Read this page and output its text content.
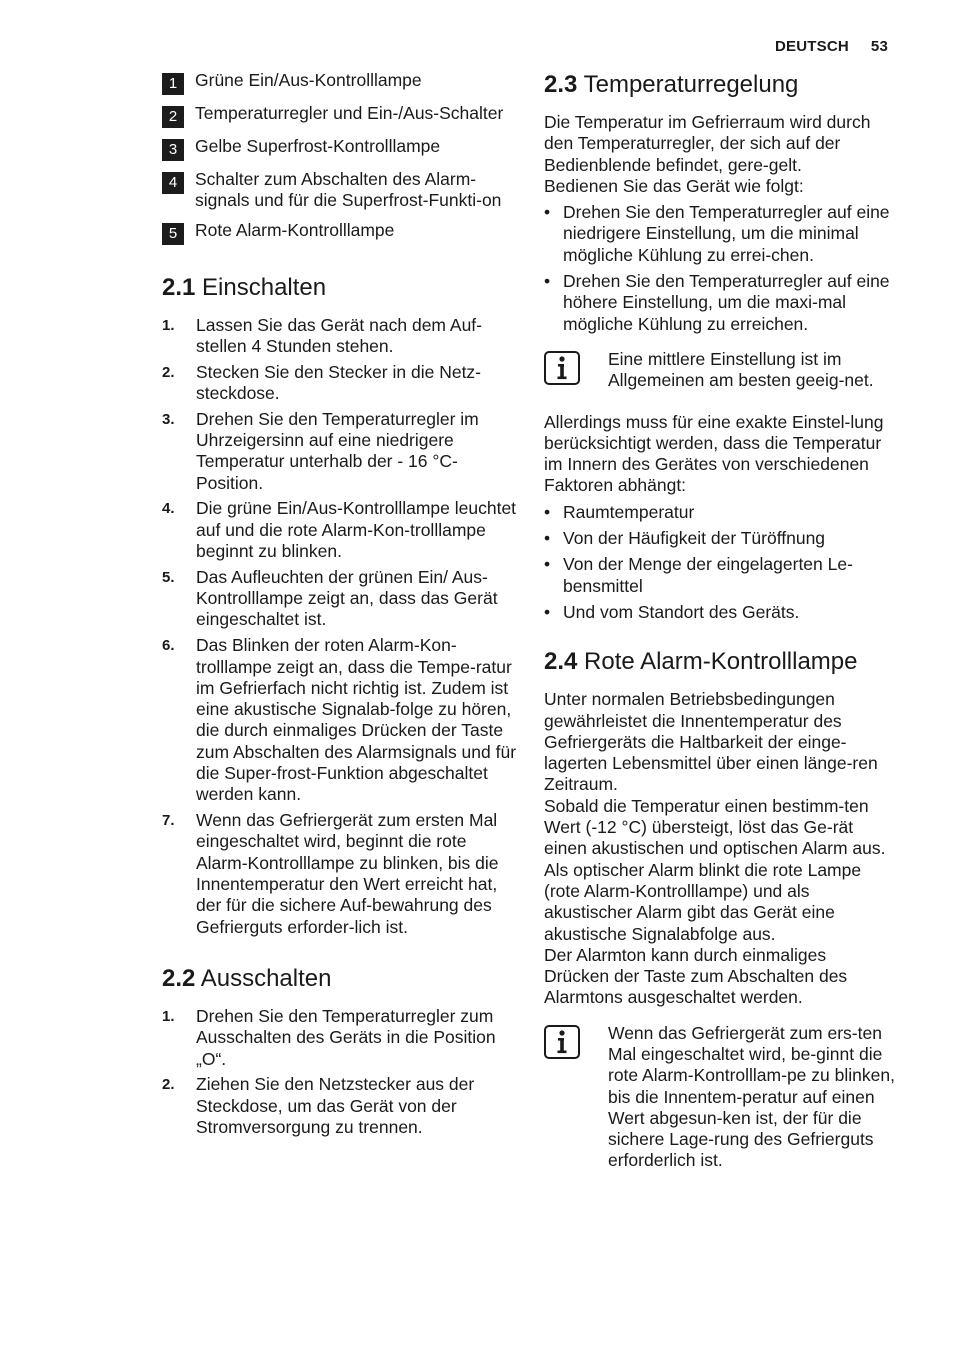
DEUTSCH 53
1	Grüne Ein/Aus-Kontrolllampe
2	Temperaturregler und Ein-/Aus-Schalter
3	Gelbe Superfrost-Kontrolllampe
4	Schalter zum Abschalten des Alarm-signals und für die Superfrost-Funkti-on
5	Rote Alarm-Kontrolllampe
2.1 Einschalten
1.	Lassen Sie das Gerät nach dem Auf-stellen 4 Stunden stehen.
2.	Stecken Sie den Stecker in die Netz-steckdose.
3.	Drehen Sie den Temperaturregler im Uhrzeigersinn auf eine niedrigere Temperatur unterhalb der - 16 °C-Position.
4.	Die grüne Ein/Aus-Kontrolllampe leuchtet auf und die rote Alarm-Kon-trolllampe beginnt zu blinken.
5.	Das Aufleuchten der grünen Ein/ Aus-Kontrolllampe zeigt an, dass das Gerät eingeschaltet ist.
6.	Das Blinken der roten Alarm-Kon-trolllampe zeigt an, dass die Tempe-ratur im Gefrierfach nicht richtig ist. Zudem ist eine akustische Signalab-folge zu hören, die durch einmaliges Drücken der Taste zum Abschalten des Alarmsignals und für die Super-frost-Funktion abgeschaltet werden kann.
7.	Wenn das Gefriergerät zum ersten Mal eingeschaltet wird, beginnt die rote Alarm-Kontrolllampe zu blinken, bis die Innentemperatur den Wert erreicht hat, der für die sichere Auf-bewahrung des Gefrierguts erforder-lich ist.
2.2 Ausschalten
1.	Drehen Sie den Temperaturregler zum Ausschalten des Geräts in die Position „O“.
2.	Ziehen Sie den Netzstecker aus der Steckdose, um das Gerät von der Stromversorgung zu trennen.
2.3 Temperaturregelung

Die Temperatur im Gefrierraum wird durch den Temperaturregler, der sich auf der Bedienblende befindet, gere-gelt.

Bedienen Sie das Gerät wie folgt:

• Drehen Sie den Temperaturregler auf eine niedrigere Einstellung, um die minimal mögliche Kühlung zu errei-chen.
• Drehen Sie den Temperaturregler auf eine höhere Einstellung, um die maxi-mal mögliche Kühlung zu erreichen.
Eine mittlere Einstellung ist im Allgemeinen am besten geeig-net.

Allerdings muss für eine exakte Einstel-lung berücksichtigt werden, dass die Temperatur im Innern des Gerätes von verschiedenen Faktoren abhängt:

• Raumtemperatur
• Von der Häufigkeit der Türöffnung
• Von der Menge der eingelagerten Le-bensmittel
• Und vom Standort des Geräts.
2.4 Rote Alarm-Kontrolllampe

Unter normalen Betriebsbedingungen gewährleistet die Innentemperatur des Gefriergeräts die Haltbarkeit der einge-lagerten Lebensmittel über einen länge-ren Zeitraum.

Sobald die Temperatur einen bestimm-ten Wert (-12 °C) übersteigt, löst das Ge-rät einen akustischen und optischen Alarm aus. Als optischer Alarm blinkt die rote Lampe (rote Alarm-Kontrolllampe) und als akustischer Alarm gibt das Gerät eine akustische Signalabfolge aus.

Der Alarmton kann durch einmaliges Drücken der Taste zum Abschalten des Alarmtons ausgeschaltet werden.

Wenn das Gefriergerät zum ers-ten Mal eingeschaltet wird, be-ginnt die rote Alarm-Kontrolllam-pe zu blinken, bis die Innentem-peratur auf einen Wert abgesun-ken ist, der für die sichere Lage-rung des Gefrierguts erforderlich ist.
